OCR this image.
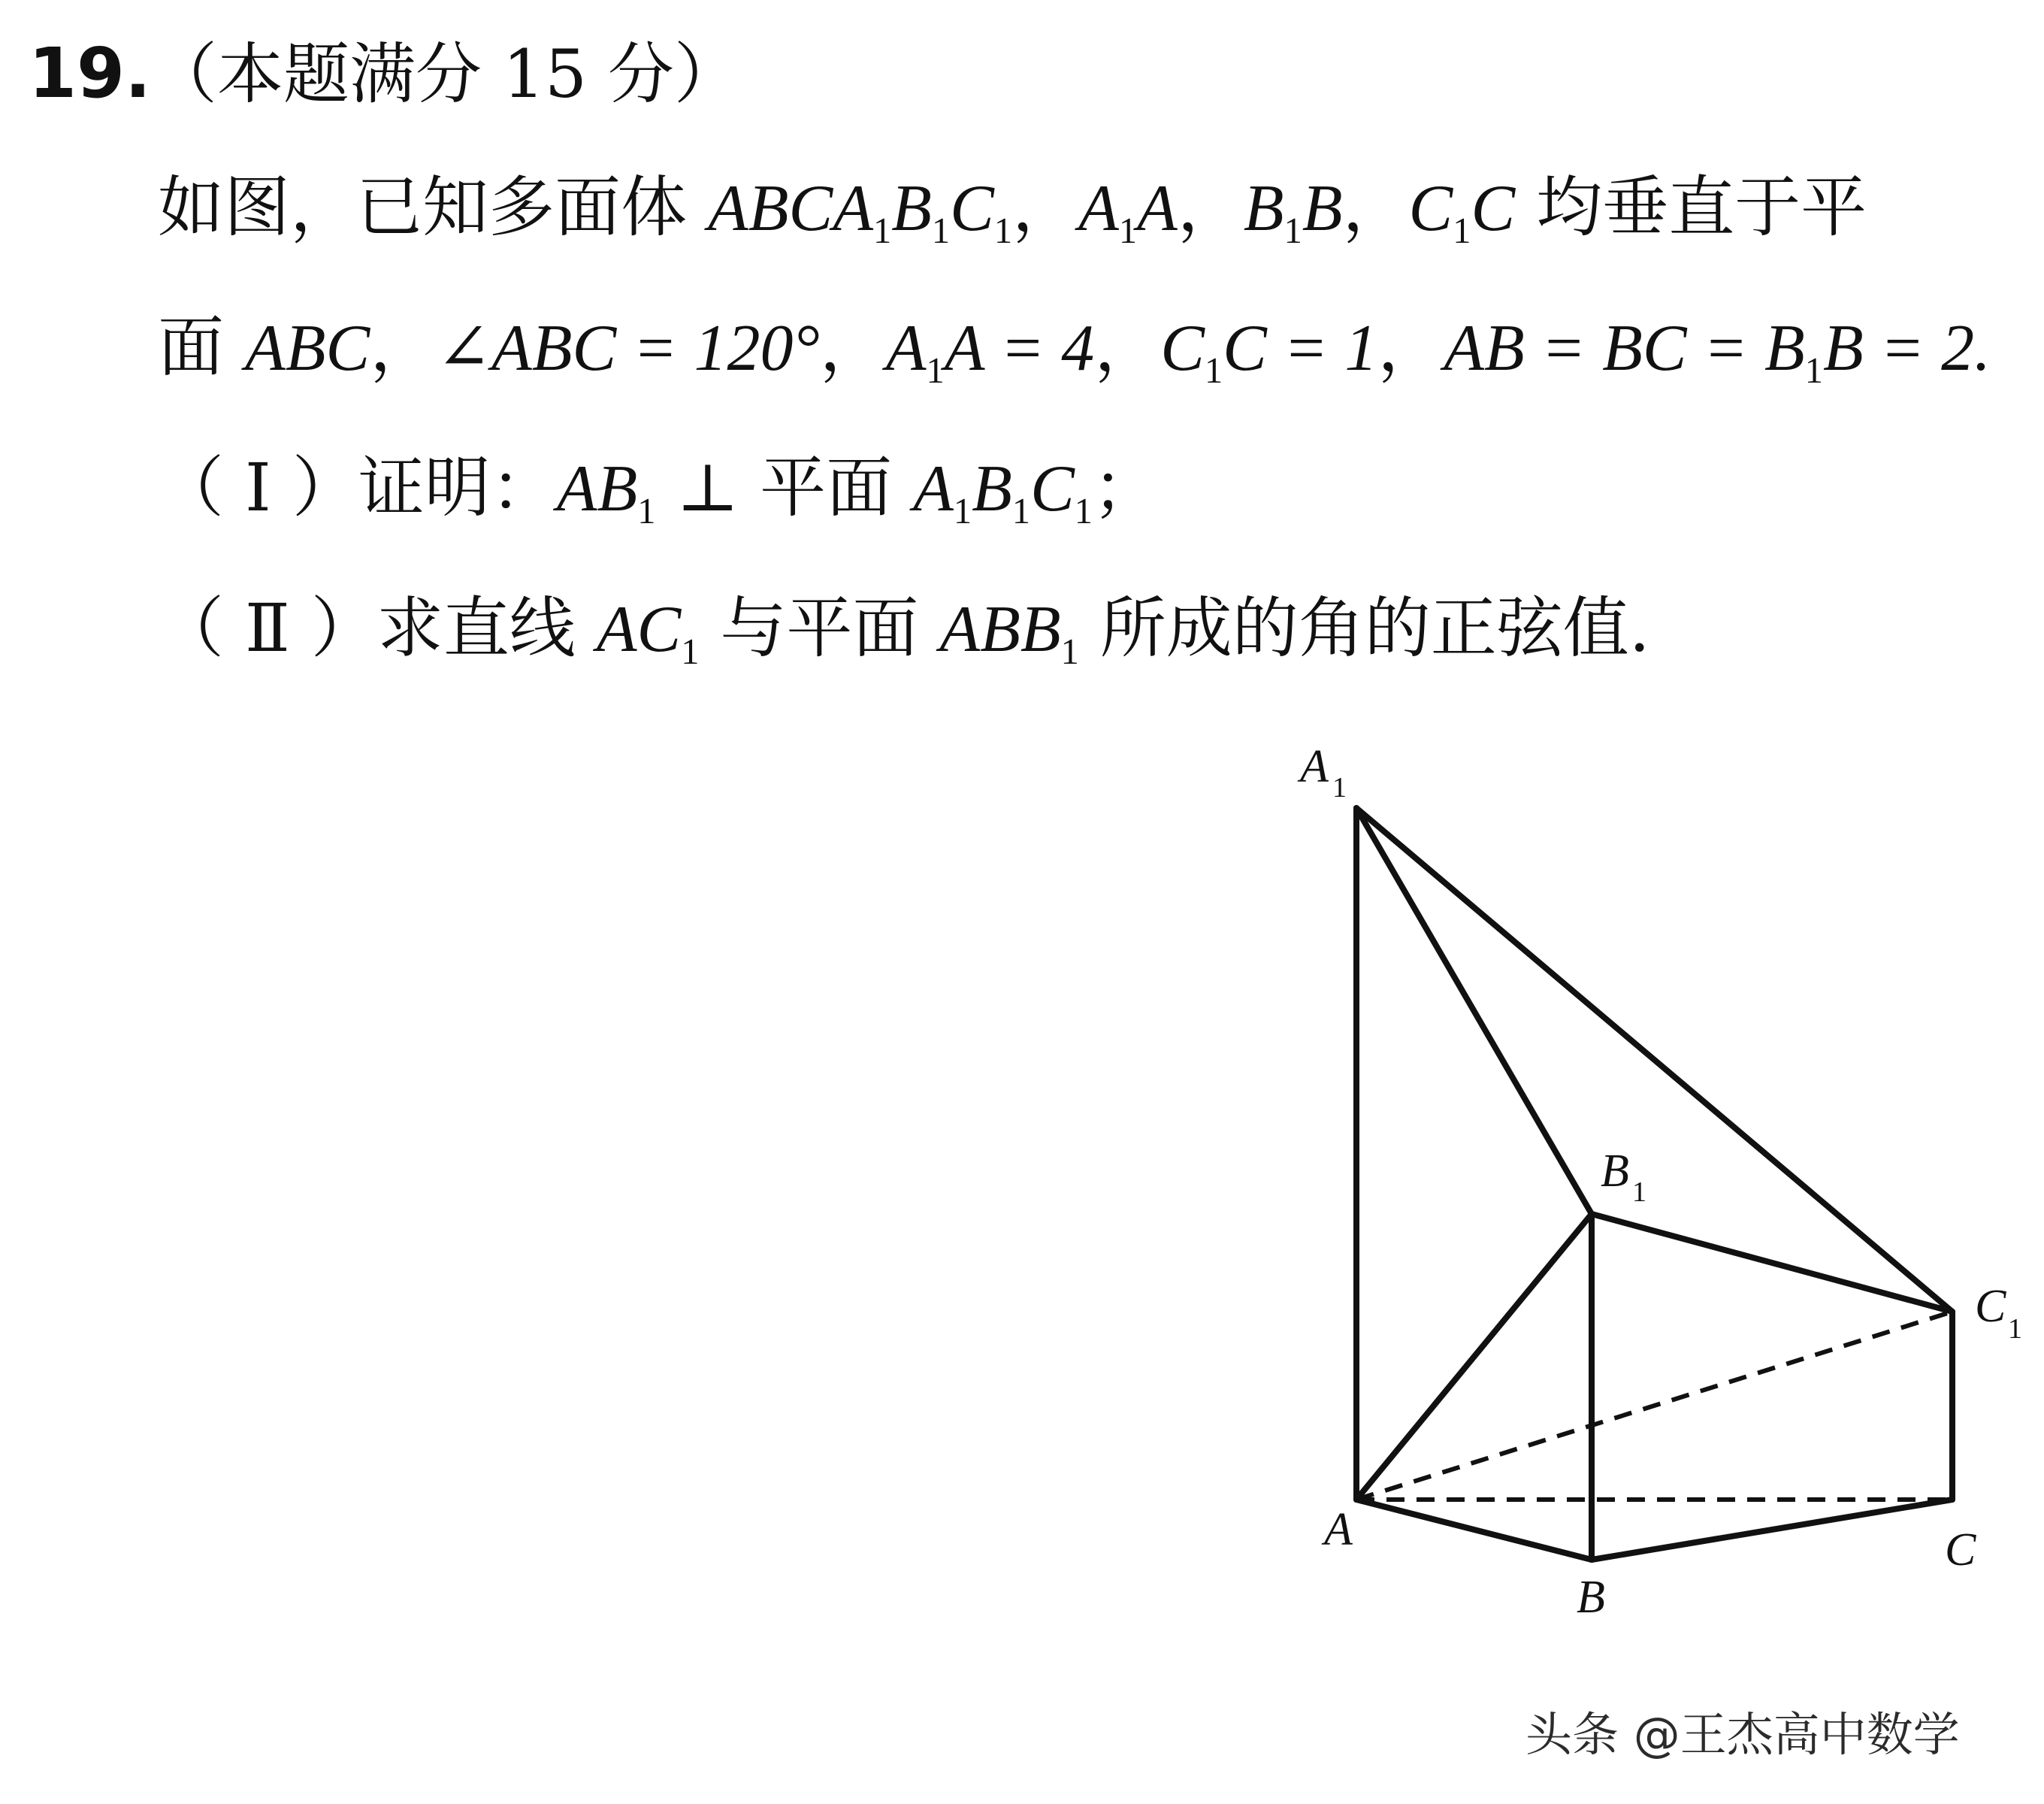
19.（本题满分 15 分）
如图，已知多面体 $ABCA_1B_1C_1$，$A_1A$，$B_1B$，$C_1C$ 均垂直于平
面 ABC，∠ABC = 120°，$A_1A = 4$，$C_1C = 1$，AB = BC = $B_1B = 2$.
（ Ⅰ ）证明：$AB_1$ ⊥ 平面 $A_1B_1C_1$；
（ Ⅱ ）求直线 $AC_1$ 与平面 $ABB_1$ 所成的角的正弦值.
A 1
B 1
C 1
A
B
C
头条 @王杰高中数学
